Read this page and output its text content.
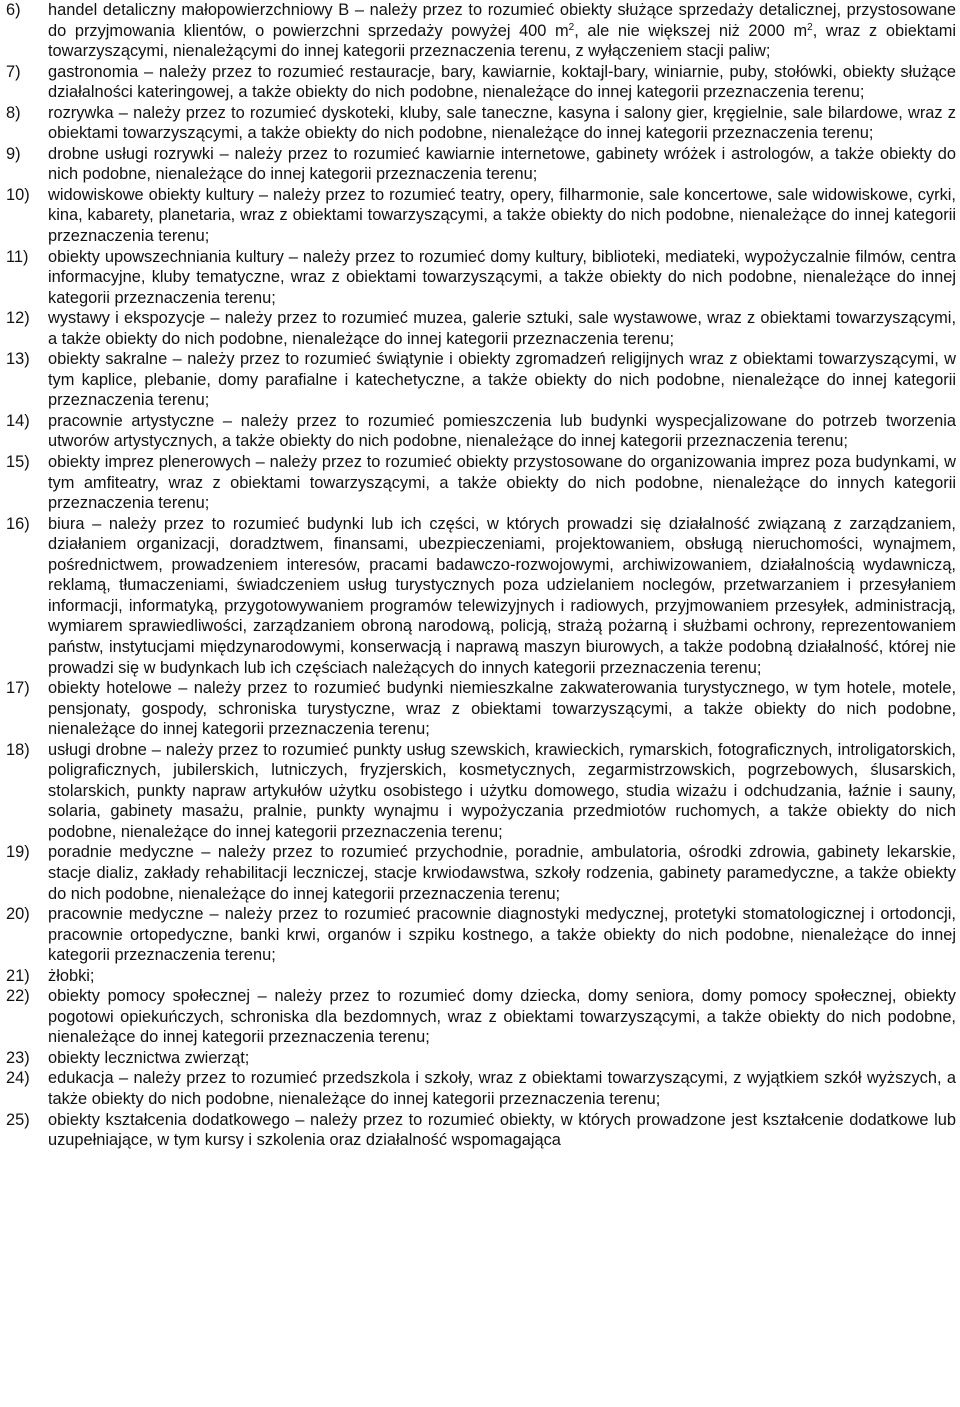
6)	handel detaliczny małopowierzchniowy B – należy przez to rozumieć obiekty służące sprzedaży detalicznej, przystosowane do przyjmowania klientów, o powierzchni sprzedaży powyżej 400 $m^2$, ale nie większej niż 2000 $m^2$, wraz z obiektami towarzyszącymi, nienależącymi do innej kategorii przeznaczenia terenu, z wyłączeniem stacji paliw;
7)	gastronomia – należy przez to rozumieć restauracje, bary, kawiarnie, koktajl-bary, winiarnie, puby, stołówki, obiekty służące działalności kateringowej, a także obiekty do nich podobne, nienależące do innej kategorii przeznaczenia terenu;
8)	rozrywka – należy przez to rozumieć dyskoteki, kluby, sale taneczne, kasyna i salony gier, kręgielnie, sale bilardowe, wraz z obiektami towarzyszącymi, a także obiekty do nich podobne, nienależące do innej kategorii przeznaczenia terenu;
9)	drobne usługi rozrywki – należy przez to rozumieć kawiarnie internetowe, gabinety wróżek i astrologów, a także obiekty do nich podobne, nienależące do innej kategorii przeznaczenia terenu;
10)	widowiskowe obiekty kultury – należy przez to rozumieć teatry, opery, filharmonie, sale koncertowe, sale widowiskowe, cyrki, kina, kabarety, planetaria, wraz z obiektami towarzyszącymi, a także obiekty do nich podobne, nienależące do innej kategorii przeznaczenia terenu;
11)	obiekty upowszechniania kultury – należy przez to rozumieć domy kultury, biblioteki, mediateki, wypożyczalnie filmów, centra informacyjne, kluby tematyczne, wraz z obiektami towarzyszącymi, a także obiekty do nich podobne, nienależące do innej kategorii przeznaczenia terenu;
12)	wystawy i ekspozycje – należy przez to rozumieć muzea, galerie sztuki, sale wystawowe, wraz z obiektami towarzyszącymi, a także obiekty do nich podobne, nienależące do innej kategorii przeznaczenia terenu;
13)	obiekty sakralne – należy przez to rozumieć świątynie i obiekty zgromadzeń religijnych wraz z obiektami towarzyszącymi, w tym kaplice, plebanie, domy parafialne i katechetyczne, a także obiekty do nich podobne, nienależące do innej kategorii przeznaczenia terenu;
14)	pracownie artystyczne – należy przez to rozumieć pomieszczenia lub budynki wyspecjalizowane do potrzeb tworzenia utworów artystycznych, a także obiekty do nich podobne, nienależące do innej kategorii przeznaczenia terenu;
15)	obiekty imprez plenerowych – należy przez to rozumieć obiekty przystosowane do organizowania imprez poza budynkami, w tym amfiteatry, wraz z obiektami towarzyszącymi, a także obiekty do nich podobne, nienależące do innych kategorii przeznaczenia terenu;
16)	biura – należy przez to rozumieć budynki lub ich części, w których prowadzi się działalność związaną z zarządzaniem, działaniem organizacji, doradztwem, finansami, ubezpieczeniami, projektowaniem, obsługą nieruchomości, wynajmem, pośrednictwem, prowadzeniem interesów, pracami badawczo-rozwojowymi, archiwizowaniem, działalnością wydawniczą, reklamą, tłumaczeniami, świadczeniem usług turystycznych poza udzielaniem noclegów, przetwarzaniem i przesyłaniem informacji, informatyką, przygotowywaniem programów telewizyjnych i radiowych, przyjmowaniem przesyłek, administracją, wymiarem sprawiedliwości, zarządzaniem obroną narodową, policją, strażą pożarną i służbami ochrony, reprezentowaniem państw, instytucjami międzynarodowymi, konserwacją i naprawą maszyn biurowych, a także podobną działalność, której nie prowadzi się w budynkach lub ich częściach należących do innych kategorii przeznaczenia terenu;
17)	obiekty hotelowe – należy przez to rozumieć budynki niemieszkalne zakwaterowania turystycznego, w tym hotele, motele, pensjonaty, gospody, schroniska turystyczne, wraz z obiektami towarzyszącymi, a także obiekty do nich podobne, nienależące do innej kategorii przeznaczenia terenu;
18)	usługi drobne – należy przez to rozumieć punkty usług szewskich, krawieckich, rymarskich, fotograficznych, introligatorskich, poligraficznych, jubilerskich, lutniczych, fryzjerskich, kosmetycznych, zegarmistrzowskich, pogrzebowych, ślusarskich, stolarskich, punkty napraw artykułów użytku osobistego i użytku domowego, studia wizażu i odchudzania, łaźnie i sauny, solaria, gabinety masażu, pralnie, punkty wynajmu i wypożyczania przedmiotów ruchomych, a także obiekty do nich podobne, nienależące do innej kategorii przeznaczenia terenu;
19)	poradnie medyczne – należy przez to rozumieć przychodnie, poradnie, ambulatoria, ośrodki zdrowia, gabinety lekarskie, stacje dializ, zakłady rehabilitacji leczniczej, stacje krwiodawstwa, szkoły rodzenia, gabinety paramedyczne, a także obiekty do nich podobne, nienależące do innej kategorii przeznaczenia terenu;
20)	pracownie medyczne – należy przez to rozumieć pracownie diagnostyki medycznej, protetyki stomatologicznej i ortodoncji, pracownie ortopedyczne, banki krwi, organów i szpiku kostnego, a także obiekty do nich podobne, nienależące do innej kategorii przeznaczenia terenu;
21)	żłobki;
22)	obiekty pomocy społecznej – należy przez to rozumieć domy dziecka, domy seniora, domy pomocy społecznej, obiekty pogotowi opiekuńczych, schroniska dla bezdomnych, wraz z obiektami towarzyszącymi, a także obiekty do nich podobne, nienależące do innej kategorii przeznaczenia terenu;
23)	obiekty lecznictwa zwierząt;
24)	edukacja – należy przez to rozumieć przedszkola i szkoły, wraz z obiektami towarzyszącymi, z wyjątkiem szkół wyższych, a także obiekty do nich podobne, nienależące do innej kategorii przeznaczenia terenu;
25)	obiekty kształcenia dodatkowego – należy przez to rozumieć obiekty, w których prowadzone jest kształcenie dodatkowe lub uzupełniające, w tym kursy i szkolenia oraz działalność wspomagająca
